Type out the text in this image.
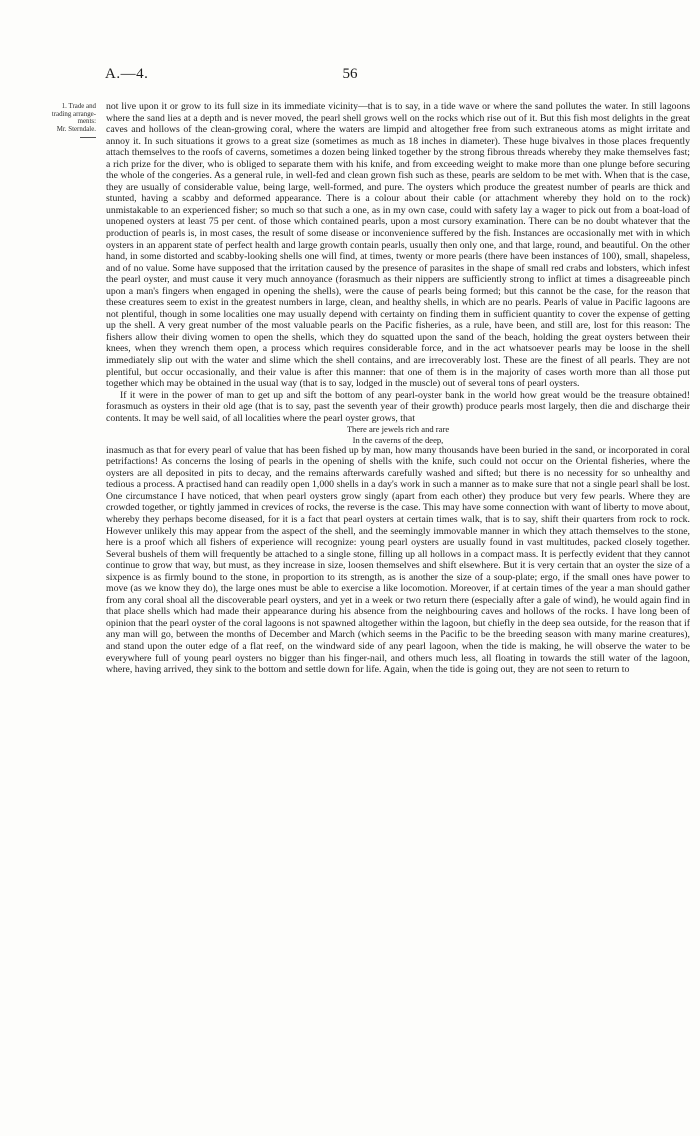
A.—4.	56
1. Trade and
trading arrange-
ments:
Mr. Sterndale.

not live upon it or grow to its full size in its immediate vicinity—that is to say, in a tide wave or where the sand pollutes the water. In still lagoons where the sand lies at a depth and is never moved, the pearl shell grows well on the rocks which rise out of it. But this fish most delights in the great caves and hollows of the clean-growing coral, where the waters are limpid and altogether free from such extraneous atoms as might irritate and annoy it. In such situations it grows to a great size (sometimes as much as 18 inches in diameter). These huge bivalves in those places frequently attach themselves to the roofs of caverns, sometimes a dozen being linked together by the strong fibrous threads whereby they make themselves fast; a rich prize for the diver, who is obliged to separate them with his knife, and from exceeding weight to make more than one plunge before securing the whole of the congeries. As a general rule, in well-fed and clean grown fish such as these, pearls are seldom to be met with. When that is the case, they are usually of considerable value, being large, well-formed, and pure. The oysters which produce the greatest number of pearls are thick and stunted, having a scabby and deformed appearance. There is a colour about their cable (or attachment whereby they hold on to the rock) unmistakable to an experienced fisher; so much so that such a one, as in my own case, could with safety lay a wager to pick out from a boat-load of unopened oysters at least 75 per cent. of those which contained pearls, upon a most cursory examination. There can be no doubt whatever that the production of pearls is, in most cases, the result of some disease or inconvenience suffered by the fish. Instances are occasionally met with in which oysters in an apparent state of perfect health and large growth contain pearls, usually then only one, and that large, round, and beautiful. On the other hand, in some distorted and scabby-looking shells one will find, at times, twenty or more pearls (there have been instances of 100), small, shapeless, and of no value. Some have supposed that the irritation caused by the presence of parasites in the shape of small red crabs and lobsters, which infest the pearl oyster, and must cause it very much annoyance (forasmuch as their nippers are sufficiently strong to inflict at times a disagreeable pinch upon a man's fingers when engaged in opening the shells), were the cause of pearls being formed; but this cannot be the case, for the reason that these creatures seem to exist in the greatest numbers in large, clean, and healthy shells, in which are no pearls. Pearls of value in Pacific lagoons are not plentiful, though in some localities one may usually depend with certainty on finding them in sufficient quantity to cover the expense of getting up the shell. A very great number of the most valuable pearls on the Pacific fisheries, as a rule, have been, and still are, lost for this reason: The fishers allow their diving women to open the shells, which they do squatted upon the sand of the beach, holding the great oysters between their knees, when they wrench them open, a process which requires considerable force, and in the act whatsoever pearls may be loose in the shell immediately slip out with the water and slime which the shell contains, and are irrecoverably lost. These are the finest of all pearls. They are not plentiful, but occur occasionally, and their value is after this manner: that one of them is in the majority of cases worth more than all those put together which may be obtained in the usual way (that is to say, lodged in the muscle) out of several tons of pearl oysters.

If it were in the power of man to get up and sift the bottom of any pearl-oyster bank in the world how great would be the treasure obtained! forasmuch as oysters in their old age (that is to say, past the seventh year of their growth) produce pearls most largely, then die and discharge their contents. It may be well said, of all localities where the pearl oyster grows, that

There are jewels rich and rare
In the caverns of the deep,

inasmuch as that for every pearl of value that has been fished up by man, how many thousands have been buried in the sand, or incorporated in coral petrifactions! As concerns the losing of pearls in the opening of shells with the knife, such could not occur on the Oriental fisheries, where the oysters are all deposited in pits to decay, and the remains afterwards carefully washed and sifted; but there is no necessity for so unhealthy and tedious a process. A practised hand can readily open 1,000 shells in a day's work in such a manner as to make sure that not a single pearl shall be lost. One circumstance I have noticed, that when pearl oysters grow singly (apart from each other) they produce but very few pearls. Where they are crowded together, or tightly jammed in crevices of rocks, the reverse is the case. This may have some connection with want of liberty to move about, whereby they perhaps become diseased, for it is a fact that pearl oysters at certain times walk, that is to say, shift their quarters from rock to rock. However unlikely this may appear from the aspect of the shell, and the seemingly immovable manner in which they attach themselves to the stone, here is a proof which all fishers of experience will recognize: young pearl oysters are usually found in vast multitudes, packed closely together. Several bushels of them will frequently be attached to a single stone, filling up all hollows in a compact mass. It is perfectly evident that they cannot continue to grow that way, but must, as they increase in size, loosen themselves and shift elsewhere. But it is very certain that an oyster the size of a sixpence is as firmly bound to the stone, in proportion to its strength, as is another the size of a soup-plate; ergo, if the small ones have power to move (as we know they do), the large ones must be able to exercise a like locomotion. Moreover, if at certain times of the year a man should gather from any coral shoal all the discoverable pearl oysters, and yet in a week or two return there (especially after a gale of wind), he would again find in that place shells which had made their appearance during his absence from the neighbouring caves and hollows of the rocks. I have long been of opinion that the pearl oyster of the coral lagoons is not spawned altogether within the lagoon, but chiefly in the deep sea outside, for the reason that if any man will go, between the months of December and March (which seems in the Pacific to be the breeding season with many marine creatures), and stand upon the outer edge of a flat reef, on the windward side of any pearl lagoon, when the tide is making, he will observe the water to be everywhere full of young pearl oysters no bigger than his finger-nail, and others much less, all floating in towards the still water of the lagoon, where, having arrived, they sink to the bottom and settle down for life. Again, when the tide is going out, they are not seen to return to
